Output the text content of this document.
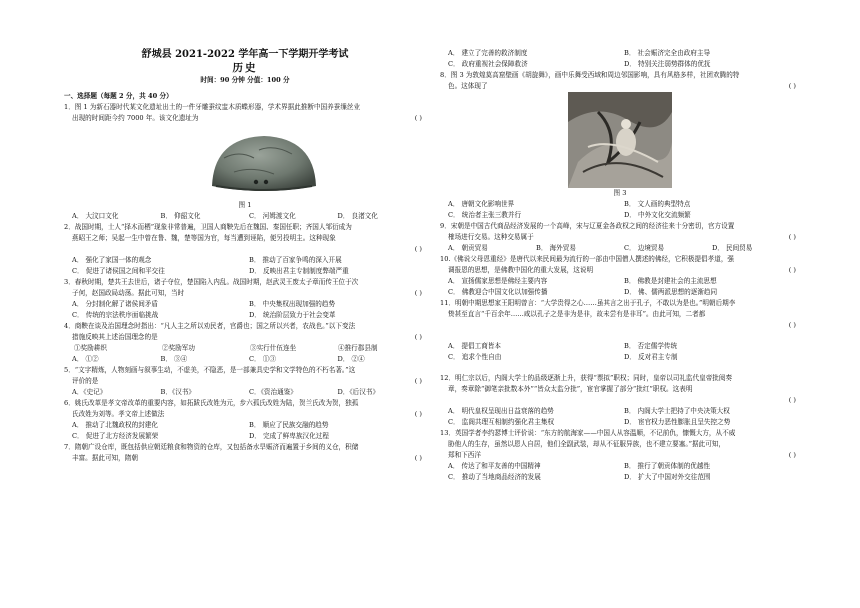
舒城县 2021-2022 学年高一下学期开学考试
历史
时间：90 分钟 分值：100 分
一、选择题（每题 2 分，共 40 分）
1．图 1 为新石器时代某文化遗址出土的一件牙雕蚕纹盅木质蝶形器，学术界据此推断中国养蚕缫丝业
出现的时间距今约 7000 年。该文化遗址为	( )
图 1
A． 大汶口文化	B． 仰韶文化	C． 河姆渡文化	D． 良渚文化
2．战国时期，士人“择木而栖”现象非常普遍，卫国人商鞅先后在魏国、秦国任职；齐国人邹衍成为
燕昭王之师；吴起一生中曾在鲁、魏，楚等国为官，每当遭到诬陷，便另投明主。这种现象
( )
A． 强化了家国一体的观念	B． 推动了百家争鸣的深入开展
C． 促进了诸侯国之间和平交往	D． 反映出君主专制制度弊端严重
3．春秋时期，楚共王去世后，诸子夺位，楚国陷入内乱。战国时期，赵武灵王废太子章而传王位于次
子何，赵国政局动荡。据此可知，当时	( )
A． 分封制化解了诸侯间矛盾	B． 中央集权出现加强的趋势
C． 传统的宗法秩序面临挑战	D． 统治阶层致力于社会变革
4．商鞅在谈及治国理念时指出：“凡人主之所以劝民者，官爵也；国之所以兴者，农战也。”以下变法
措施反映其上述治国理念的是	( )
①奖励耕织	②奖励军功	③实行什伍连坐	④推行郡县制
A． ①②	B． ③④	C． ①③	D． ②④
5．“文字精炼，人物刻画与叙事生动，不虚美，不隐恶，是一部兼具史学和文学特色的不朽名著。”这
评价的是	( )
A．《史记》	B．《汉书》	C．《资治通鉴》	D．《后汉书》
6．姚氏改革是孝文帝改革的重要内容，如拓跋氏改姓为元，步六孤氏改姓为陆，贺兰氏改为贺，独孤
氏改姓为刘等。孝文帝上述做法	( )
A． 推动了北魏政权的封建化	B． 顺应了民族交融的趋势
C． 促进了北方经济发展繁荣	D． 完成了鲜卑族汉化过程
7．隋朝广设仓库，既包括供应朝廷粮食和物资的仓库，又包括备水旱赈济而遍置于乡间的义仓，积储
丰富。据此可知，隋朝	( )
A． 建立了完善的救济制度	B． 社会赈济完全由政府主导
C． 政府重视社会保障救济	D． 特别关注弱势群体的优抚
8．图 3 为敦煌莫高窟壁画《胡旋舞》，画中乐舞受西域和周边邻国影响，具有风格多样，社团欢腾的特
色。这体现了	( )
图 3
A． 唐朝文化影响世界	B． 文人画的典型特点
C． 统治者主张三教并行	D． 中外文化交流频繁
9．宋朝是中国古代商品经济发展的一个高峰，宋与辽夏金各政权之间的经济往来十分密切，官方设置
榷场进行交易。这种交易属于	( )
A． 朝贡贸易	B． 海外贸易	C． 边境贸易	D． 民间贸易
10.《佛说父母恩重经》是唐代以来民间最为流行的一部由中国僧人撰述的佛经，它积极提倡孝道，强
调报恩的思想，是佛教中国化的重大发展，这说明	( )
A． 宣扬儒家思想是佛经主要内容	B． 佛教是封建社会的主流思想
C． 佛教迎合中国文化以加强传播	D． 佛、儒两派思想的逐渐趋同
11．明朝中期思想家王阳明曾言：“大学贵得之心……虽其言之出于孔子，不敢以为是也。”明朝后期李
贽甚至直言“千百余年……咸以孔子之是非为是非，故未尝有是非耳”。由此可知，二者都
( )
A． 提倡工商皆本	B． 否定儒学传统
C． 追求个性自由	D． 反对君主专制
12．明仁宗以后，内阁大学士的品级逐渐上升，获得“票拟”职权；同时，皇帝以司礼监代皇帝批阅奏
章，奏章除“御笔亲批数本外”“皆众太监分批”，宦官掌握了部分“批红”职权。这表明
( )
A． 明代皇权呈现出日益衰落的趋势	B． 内阁大学士把持了中央决策大权
C． 监阁共理互相制约强化君主集权	D． 宦官权力恶性膨胀且呈失控之势
13．英国学者李约瑟博士评价说：“东方的航海家——中国人从容温顺，不记前仇，慷慨大方，从不威
胁他人的生存，虽然以恩人自居，他们全副武装，却从不征服异族，也不建立要塞。”据此可知，
郑和下西洋	( )
A． 传达了和平友善的中国精神	B． 推行了朝贡体制的优越性
C． 推动了当地商品经济的发展	D． 扩大了中国对外交往范围
